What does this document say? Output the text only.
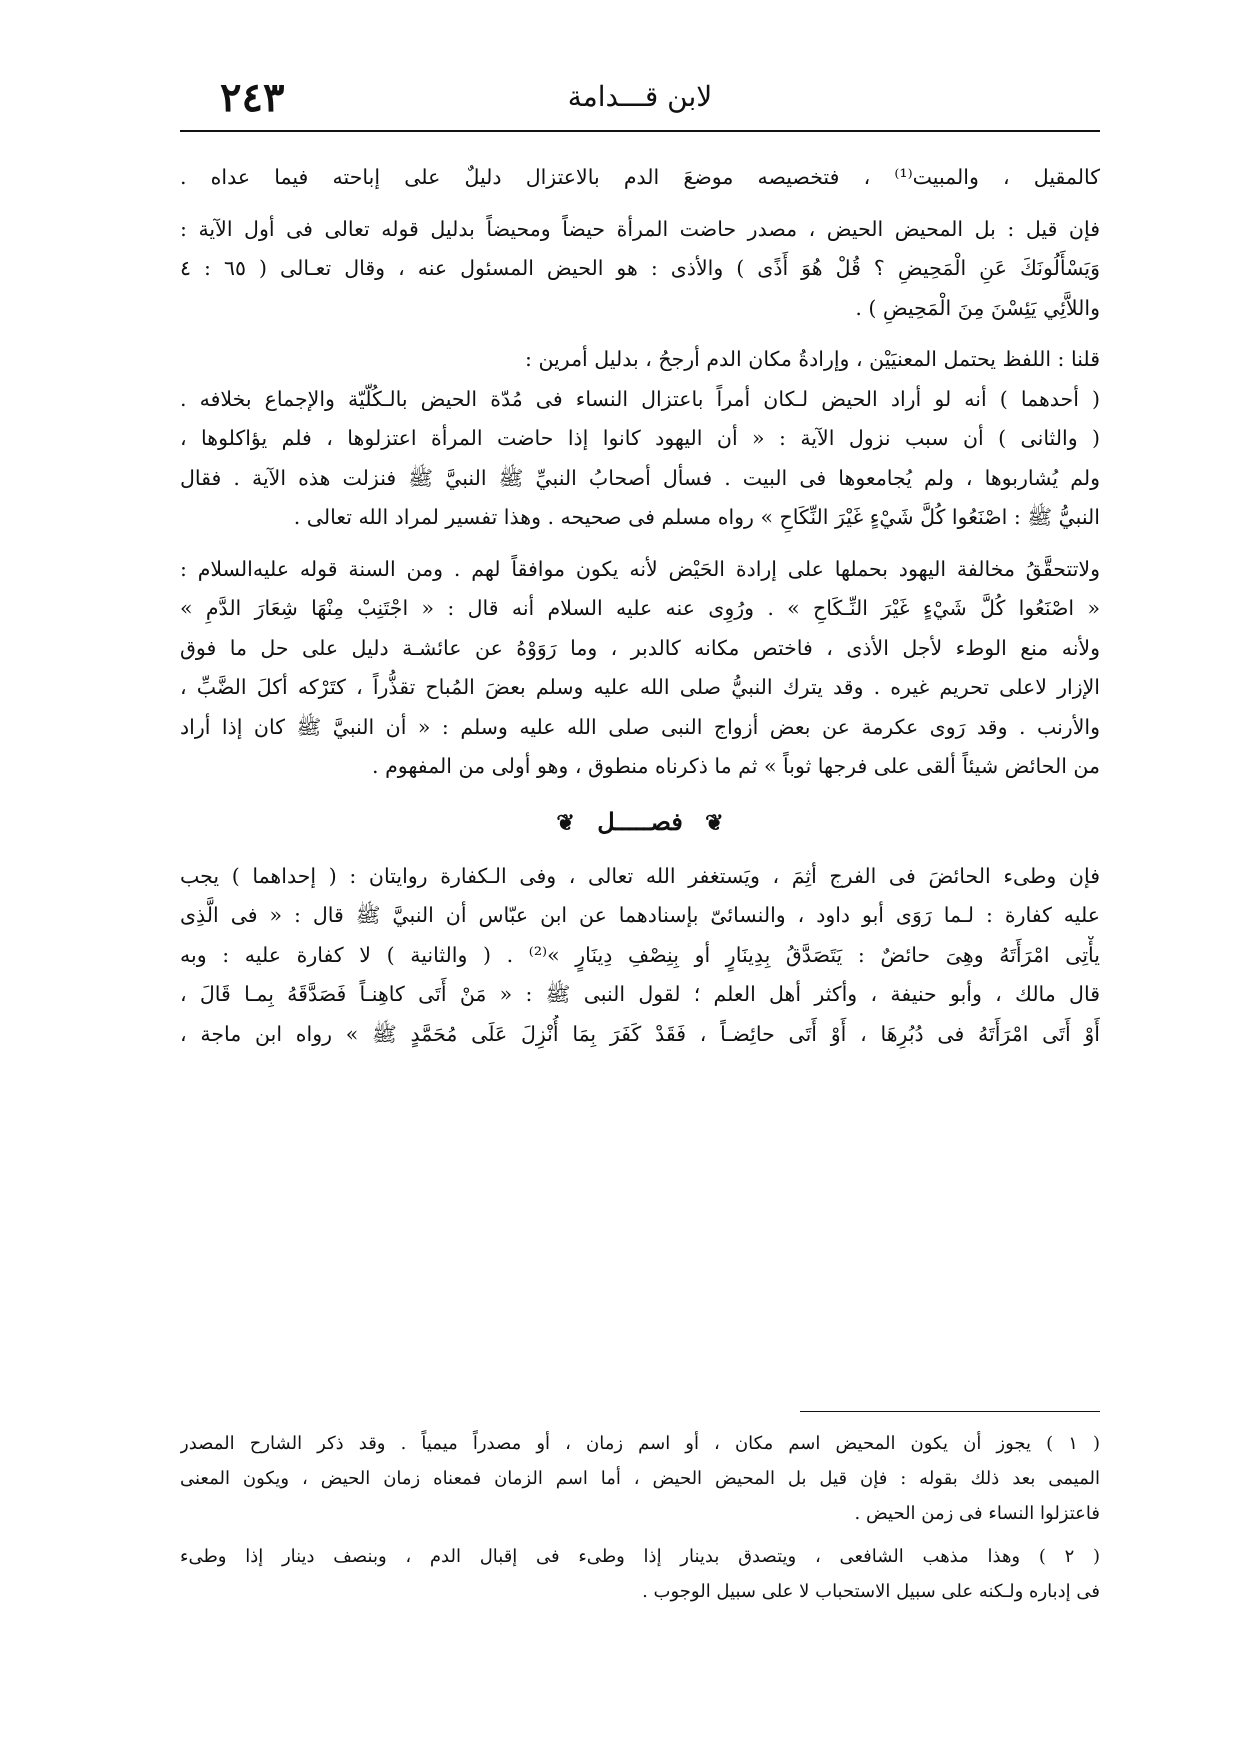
لابن قـــدامة
٢٤٣
كالمقيل ، والمبيت⁽¹⁾ ، فتخصيصه موضعَ الدم بالاعتزال دليلٌ على إباحته فيما عداه .
فإن قيل : بل المحيض الحيض ، مصدر حاضت المرأة حيضاً ومحيضاً بدليل قوله تعالى فى أول الآية :
وَيَسْأَلُونَكَ عَنِ الْمَحِيضِ ؟ قُلْ هُوَ أَذًى ) والأذى : هو الحيض المسئول عنه ، وقال تعـالى ( ٦٥ : ٤
واللاَّئِي يَئِسْنَ مِنَ الْمَحِيضِ ) .
قلنا : اللفظ يحتمل المعنيَيْن ، وإرادةُ مكان الدم أرجحُ ، بدليل أمرين :
( أحدهما ) أنه لو أراد الحيض لـكان أمراً باعتزال النساء فى مُدّة الحيض بالـكُلّيّة والإجماع بخلافه .
( والثانى ) أن سبب نزول الآية : « أن اليهود كانوا إذا حاضت المرأة اعتزلوها ، فلم يؤاكلوها ،
ولم يُشاربوها ، ولم يُجامعوها فى البيت . فسأل أصحابُ النبيِّ ﷺ النبيَّ ﷺ فنزلت هذه الآية . فقال
النبيُّ ﷺ : اصْنَعُوا كُلَّ شَيْءٍ غَيْرَ النِّكَاحِ » رواه مسلم فى صحيحه . وهذا تفسير لمراد الله تعالى .
ولاتتحقَّقُ مخالفة اليهود بحملها على إرادة الحَيْض لأنه يكون موافقاً لهم . ومن السنة قوله عليه‌السلام :
« اصْنَعُوا كُلَّ شَيْءٍ غَيْرَ النِّـكَاحِ » . ورُوِى عنه عليه السلام أنه قال : « اجْتَنِبْ مِنْهَا شِعَارَ الدَّمِ »
ولأنه منع الوطء لأجل الأذى ، فاختص مكانه كالدبر ، وما رَوَوْهُ عن عائشـة دليل على حل ما فوق
الإزار لاعلى تحريم غيره . وقد يترك النبيُّ صلى الله عليه وسلم بعضَ المُباح تقذُّراً ، كتَرْكه أكلَ الضَّبِّ ،
والأرنب . وقد رَوى عكرمة عن بعض أزواج النبى صلى الله عليه وسلم : « أن النبيَّ ﷺ كان إذا أراد
من الحائض شيئاً ألقى على فرجها ثوباً » ثم ما ذكرناه منطوق ، وهو أولى من المفهوم .
❦ فصـــــل ❦
فإن وطىء الحائضَ فى الفرج أثِمَ ، ويَستغفر الله تعالى ، وفى الـكفارة روايتان : ( إحداهما ) يجب
عليه كفارة : لـما رَوَى أبو داود ، والنسائىّ بإسنادهما عن ابن عبّاس أن النبيَّ ﷺ قال : « فى الَّذِى
يأْتِى امْرَأَتَهُ وهِىَ حائضٌ : يَتَصَدَّقُ بِدِينَارٍ أو بِنِصْفِ دِينَارٍ »⁽²⁾ . ( والثانية ) لا كفارة عليه : وبه
قال مالك ، وأبو حنيفة ، وأكثر أهل العلم ؛ لقول النبى ﷺ : « مَنْ أَتَى كاهِنـاً فَصَدَّقَهُ بِمـا قَالَ ،
أَوْ أَتَى امْرَأَتَهُ فى دُبُرِهَا ، أَوْ أَتَى حائِضـاً ، فَقَدْ كَفَرَ بِمَا أُنْزِلَ عَلَى مُحَمَّدٍ ﷺ » رواه ابن ماجة ،
( ١ ) يجوز أن يكون المحيض اسم مكان ، أو اسم زمان ، أو مصدراً ميمياً . وقد ذكر الشارح المصدر
الميمى بعد ذلك بقوله : فإن قيل بل المحيض الحيض ، أما اسم الزمان فمعناه زمان الحيض ، ويكون المعنى
فاعتزلوا النساء فى زمن الحيض .
( ٢ ) وهذا مذهب الشافعى ، ويتصدق بدينار إذا وطىء فى إقبال الدم ، وبنصف دينار إذا وطىء
فى إدباره ولـكنه على سبيل الاستحباب لا على سبيل الوجوب .
